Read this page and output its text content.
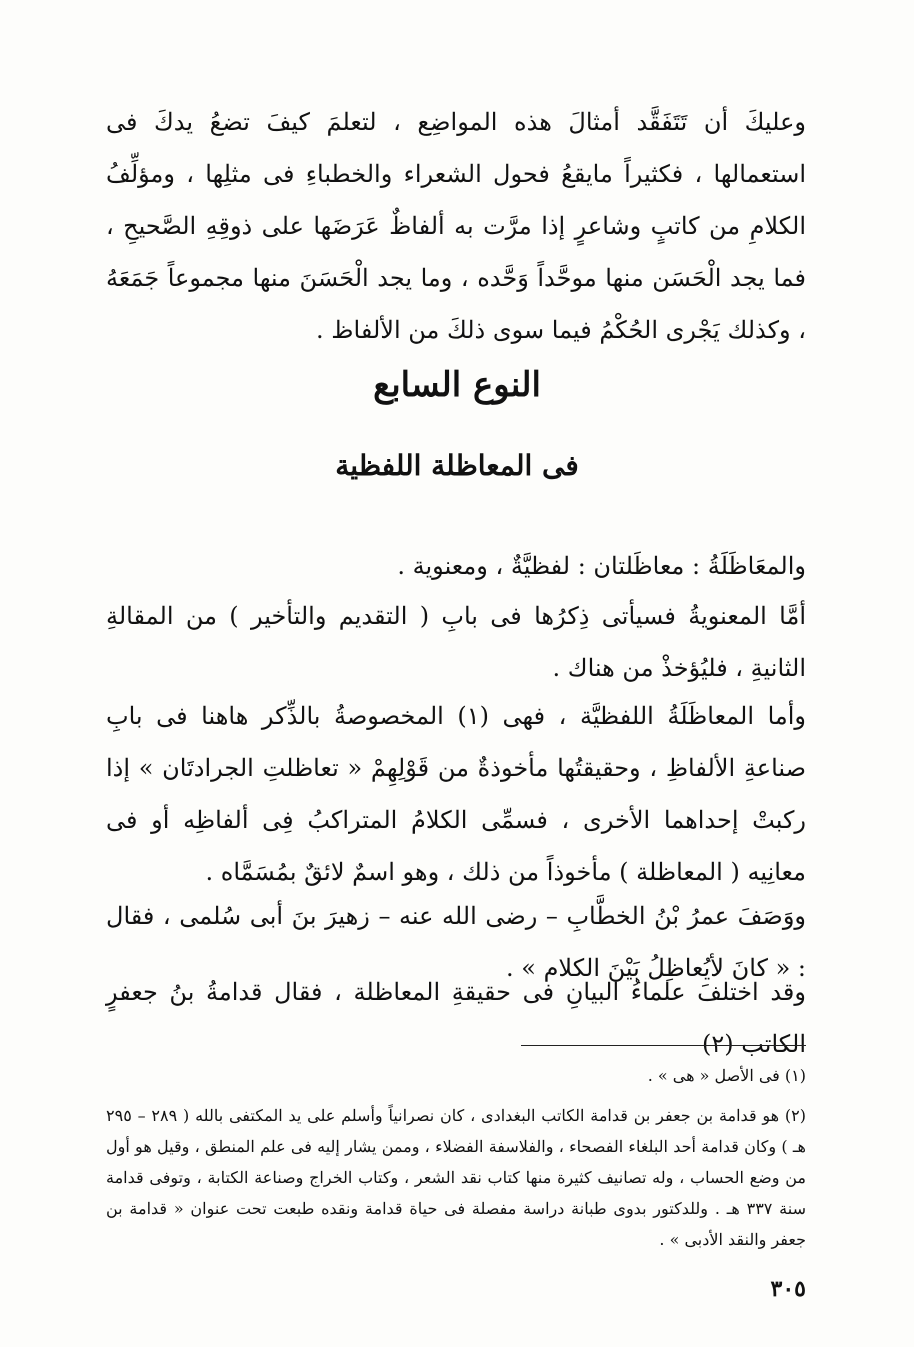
وعليكَ أن تَتَفَقَّد أمثالَ هذه المواضِع ، لتعلمَ كيفَ تضعُ يدكَ فى استعمالها ، فكثيراً مايقعُ فحول الشعراء والخطباءِ فى مثلِها ، ومؤلِّفُ الكلامِ من كاتبٍ وشاعرٍ إذا مرَّت به ألفاظٌ عَرَضَها على ذوقِهِ الصَّحيحِ ، فما يجد الْحَسَن منها موحَّداً وَحَّده ، وما يجد الْحَسَنَ منها مجموعاً جَمَعَهُ ، وكذلك يَجْرى الحُكْمُ فيما سوى ذلكَ من الألفاظ .

النوع السابع
فى المعاظلة اللفظية

والمعَاظَلَةُ : معاظَلتان : لفظيَّةٌ ، ومعنوية .

أمَّا المعنويةُ فسيأتى ذِكرُها فى بابِ ( التقديم والتأخير ) من المقالةِ الثانيةِ ، فليُؤخذْ من هناك .

وأما المعاظَلَةُ اللفظيَّة ، فهى (١) المخصوصةُ بالذِّكر هاهنا فى بابِ صناعةِ الألفاظِ ، وحقيقتُها مأخوذةٌ من قَوْلِهِمْ « تعاظلتِ الجرادتَان » إذا ركبتْ إحداهما الأخرى ، فسمِّى الكلامُ المتراكبُ فِى ألفاظِه أو فى معانِيه ( المعاظلة ) مأخوذاً من ذلك ، وهو اسمٌ لائقٌ بمُسَمَّاه .

ووَصَفَ عمرُ بْنُ الخطَّابِ – رضى الله عنه – زهيرَ بنَ أبى سُلمى ، فقال : « كانَ لأيُعاظِلُ بَيْنَ الكلام » .

وقد اختلفَ علماءُ البيانِ فى حقيقةِ المعاظلة ، فقال قدامةُ بنُ جعفرٍ الكاتب (٢)

(١) فى الأصل « هى » .

(٢) هو قدامة بن جعفر بن قدامة الكاتب البغدادى ، كان نصرانياً وأسلم على يد المكتفى بالله ( ٢٨٩ – ٢٩٥ هـ ) وكان قدامة أحد البلغاء الفصحاء ، والفلاسفة الفضلاء ، وممن يشار إليه فى علم المنطق ، وقيل هو أول من وضع الحساب ، وله تصانيف كثيرة منها كتاب نقد الشعر ، وكتاب الخراج وصناعة الكتابة ، وتوفى قدامة سنة ٣٣٧ هـ . وللدكتور بدوى طبانة دراسة مفصلة فى حياة قدامة ونقده طبعت تحت عنوان « قدامة بن جعفر والنقد الأدبى » .

٣٠٥
